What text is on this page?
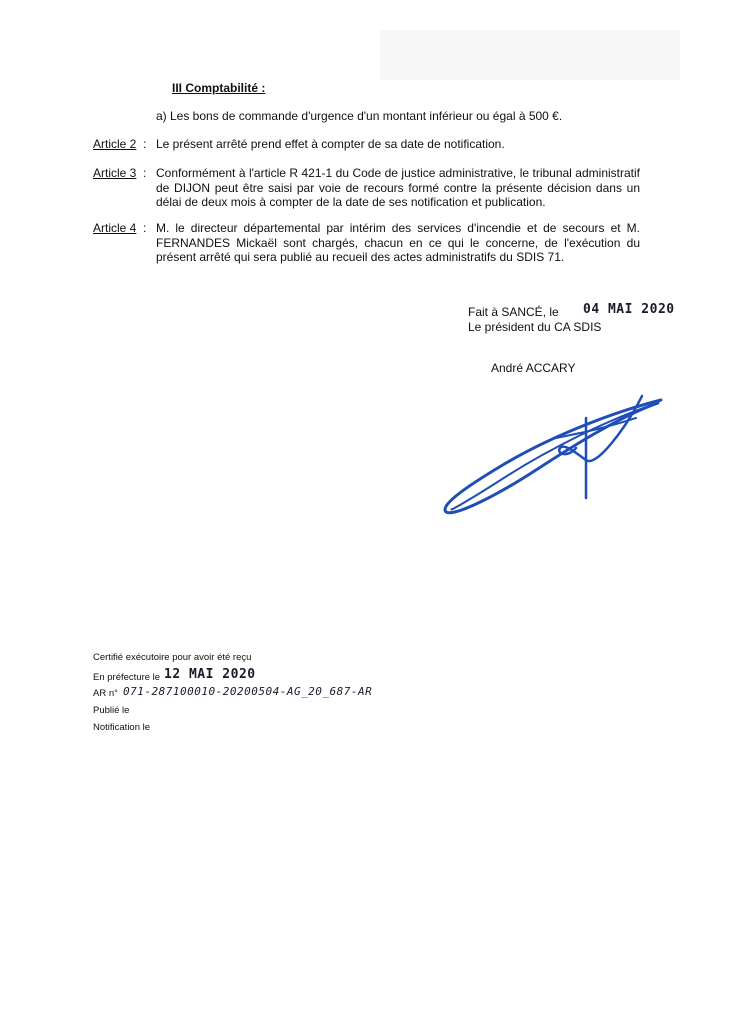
III Comptabilité :
a) Les bons de commande d'urgence d'un montant inférieur ou égal à 500 €.
Article 2 : Le présent arrêté prend effet à compter de sa date de notification.
Article 3 : Conformément à l'article R 421-1 du Code de justice administrative, le tribunal administratif de DIJON peut être saisi par voie de recours formé contre la présente décision dans un délai de deux mois à compter de la date de ses notification et publication.
Article 4 : M. le directeur départemental par intérim des services d'incendie et de secours et M. FERNANDES Mickaël sont chargés, chacun en ce qui le concerne, de l'exécution du présent arrêté qui sera publié au recueil des actes administratifs du SDIS 71.
Fait à SANCÉ, le 04 MAI 2020
Le président du CA SDIS
André ACCARY
Certifié exécutoire pour avoir été reçu
En préfecture le 12 MAI 2020
AR n° 071-287100010-20200504-AG_20_687-AR
Publié le
Notification le
